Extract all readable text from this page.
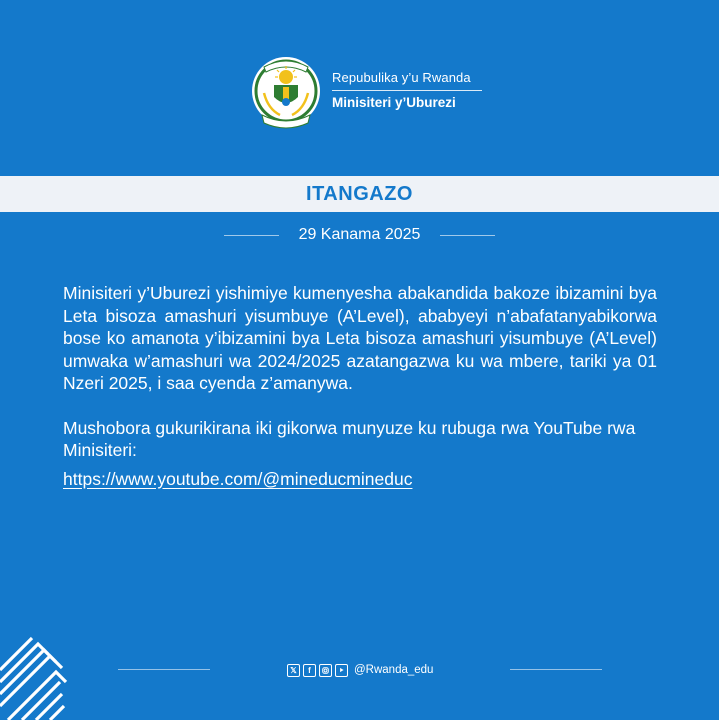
Repubulika y’u Rwanda
Minisiteri y’Uburezi
ITANGAZO
29 Kanama 2025

Minisiteri y’Uburezi yishimiye kumenyesha abakandida bakoze ibizamini bya Leta bisoza amashuri yisumbuye (A’Level), ababyeyi n’abafatanyabikorwa bose ko amanota y’ibizamini bya Leta bisoza amashuri yisumbuye (A’Level) umwaka w’amashuri wa 2024/2025 azatangazwa ku wa mbere, tariki ya 01 Nzeri 2025, i saa cyenda z’amanywa.

Mushobora gukurikirana iki gikorwa munyuze ku rubuga rwa YouTube rwa Minisiteri:
https://www.youtube.com/@mineducmineduc

𝕏	f	@Rwanda_edu
